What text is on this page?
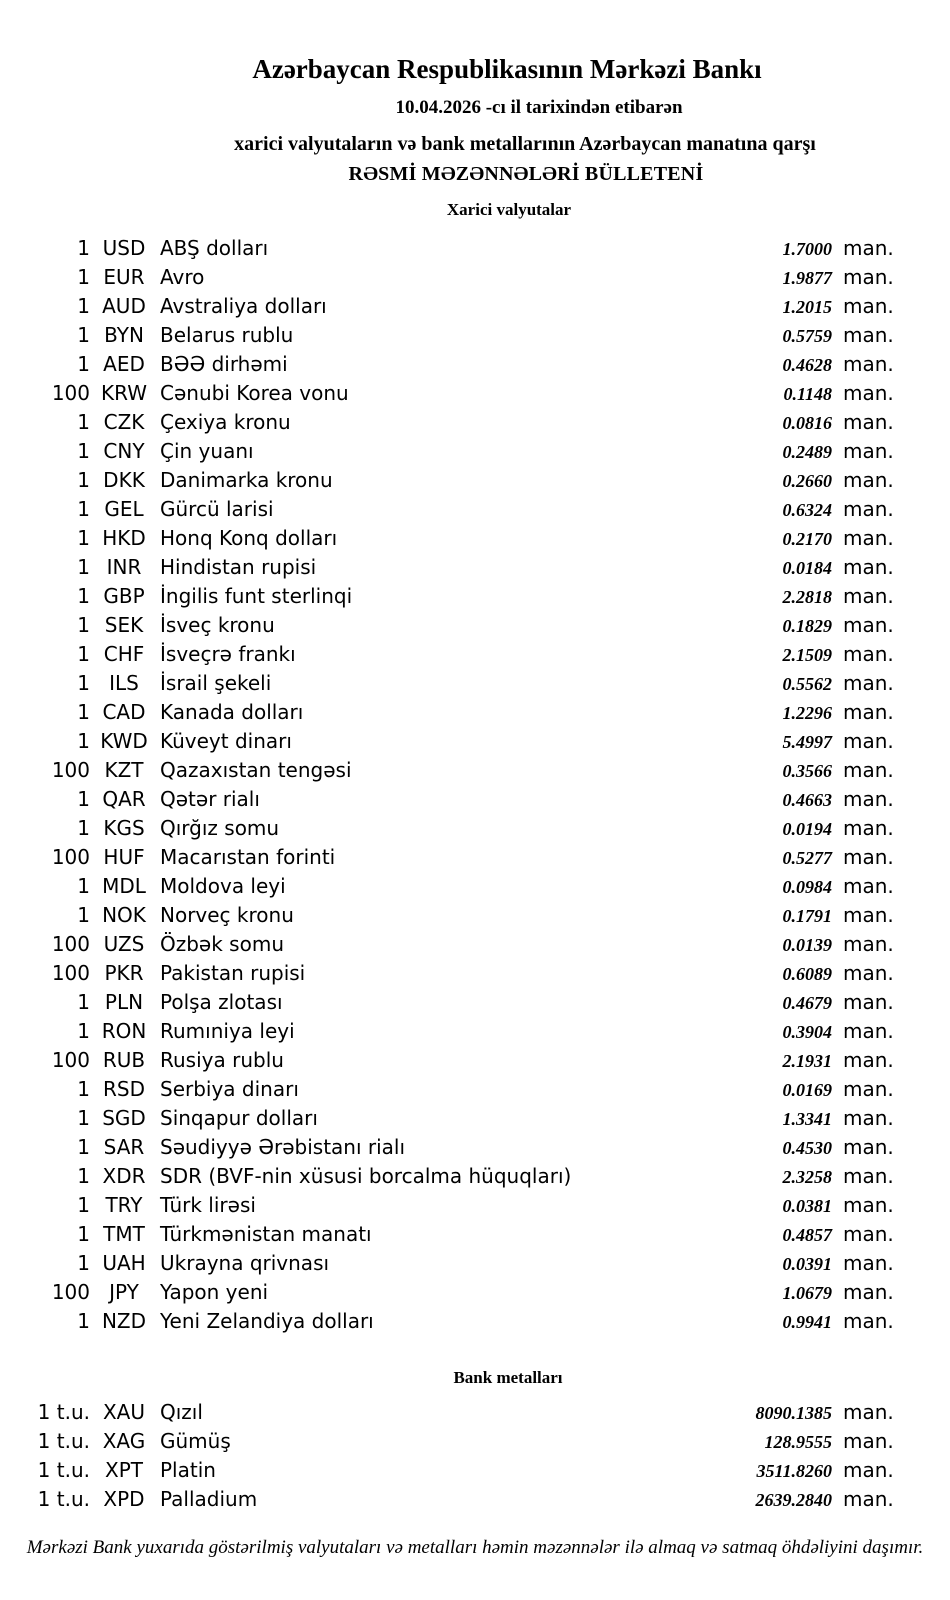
Azərbaycan Respublikasının Mərkəzi Bankı
10.04.2026 -cı il tarixindən etibarən
xarici valyutaların və bank metallarının Azərbaycan manatına qarşı
RƏSMİ MƏZƏNNƏLƏRİ BÜLLETENİ
Xarici valyutalar
1 USD ABŞ dolları	1.7000 man.
1 EUR Avro	1.9877 man.
1 AUD Avstraliya dolları	1.2015 man.
1 BYN Belarus rublu	0.5759 man.
1 AED BƏƏ dirhəmi	0.4628 man.
100 KRW Cənubi Korea vonu	0.1148 man.
1 CZK Çexiya kronu	0.0816 man.
1 CNY Çin yuanı	0.2489 man.
1 DKK Danimarka kronu	0.2660 man.
1 GEL Gürcü larisi	0.6324 man.
1 HKD Honq Konq dolları	0.2170 man.
1 INR Hindistan rupisi	0.0184 man.
1 GBP İngilis funt sterlinqi	2.2818 man.
1 SEK İsveç kronu	0.1829 man.
1 CHF İsveçrə frankı	2.1509 man.
1 ILS	İsrail şekeli	0.5562 man.
1 CAD Kanada dolları	1.2296 man.
1 KWD Küveyt dinarı	5.4997 man.
100 KZT Qazaxıstan tengəsi	0.3566 man.
1 QAR Qətər rialı	0.4663 man.
1 KGS Qırğız somu	0.0194 man.
100 HUF Macarıstan forinti	0.5277 man.
1 MDL Moldova leyi	0.0984 man.
1 NOK Norveç kronu	0.1791 man.
100 UZS Özbək somu	0.0139 man.
100 PKR Pakistan rupisi	0.6089 man.
1 PLN Polşa zlotası	0.4679 man.
1 RON Rumıniya leyi	0.3904 man.
100 RUB Rusiya rublu	2.1931 man.
1 RSD Serbiya dinarı	0.0169 man.
1 SGD Sinqapur dolları	1.3341 man.
1 SAR Səudiyyə Ərəbistanı rialı	0.4530 man.
1 XDR SDR (BVF-nin xüsusi borcalma hüquqları)	2.3258 man.
1 TRY Türk lirəsi	0.0381 man.
1 TMT Türkmənistan manatı	0.4857 man.
1 UAH Ukrayna qrivnası	0.0391 man.
100 JPY	Yapon yeni	1.0679 man.
1 NZD Yeni Zelandiya dolları	0.9941 man.
Bank metalları
1 t.u. XAU Qızıl	8090.1385 man.
1 t.u. XAG Gümüş	128.9555 man.
1 t.u. XPT Platin	3511.8260 man.
1 t.u. XPD Palladium	2639.2840 man.
Mərkəzi Bank yuxarıda göstərilmiş valyutaları və metalları həmin məzənnələr ilə almaq və satmaq öhdəliyini daşımır.
